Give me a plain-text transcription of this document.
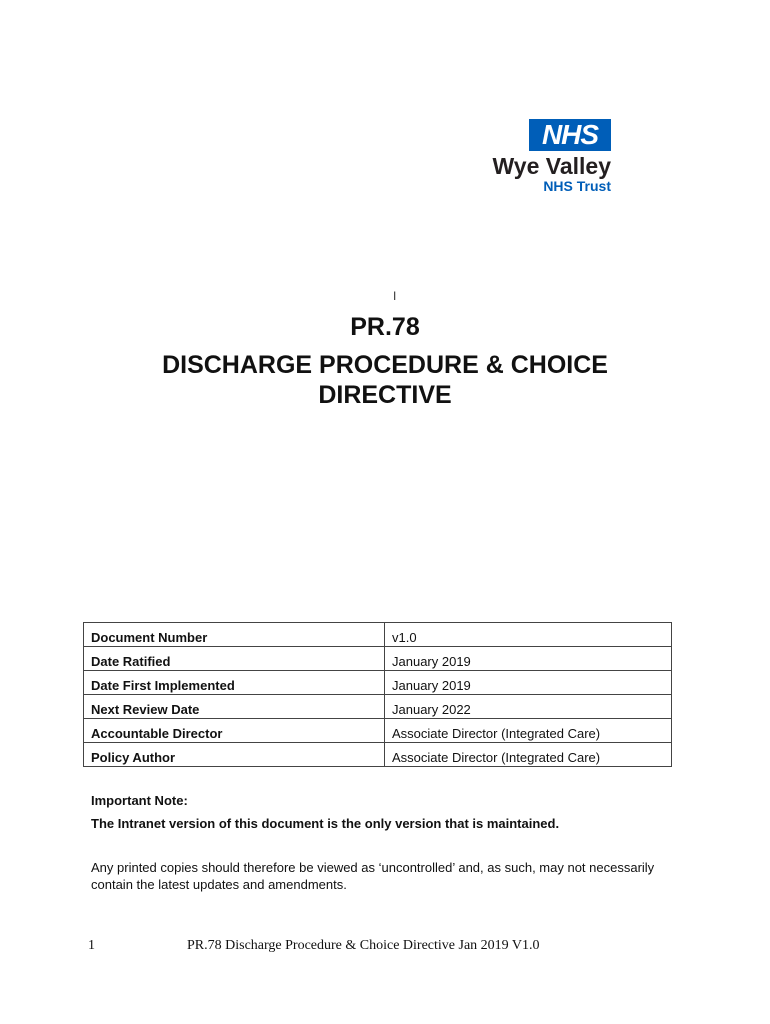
NHS
Wye Valley
NHS Trust
I
PR.78
DISCHARGE PROCEDURE & CHOICE
DIRECTIVE
Document Number	v1.0
Date Ratified	January 2019
Date First Implemented	January 2019
Next Review Date	January 2022
Accountable Director	Associate Director (Integrated Care)
Policy Author	Associate Director (Integrated Care)
Important Note:
The Intranet version of this document is the only version that is maintained.
Any printed copies should therefore be viewed as ‘uncontrolled’ and, as such, may not necessarily contain the latest updates and amendments.
1	PR.78 Discharge Procedure & Choice Directive Jan 2019 V1.0
